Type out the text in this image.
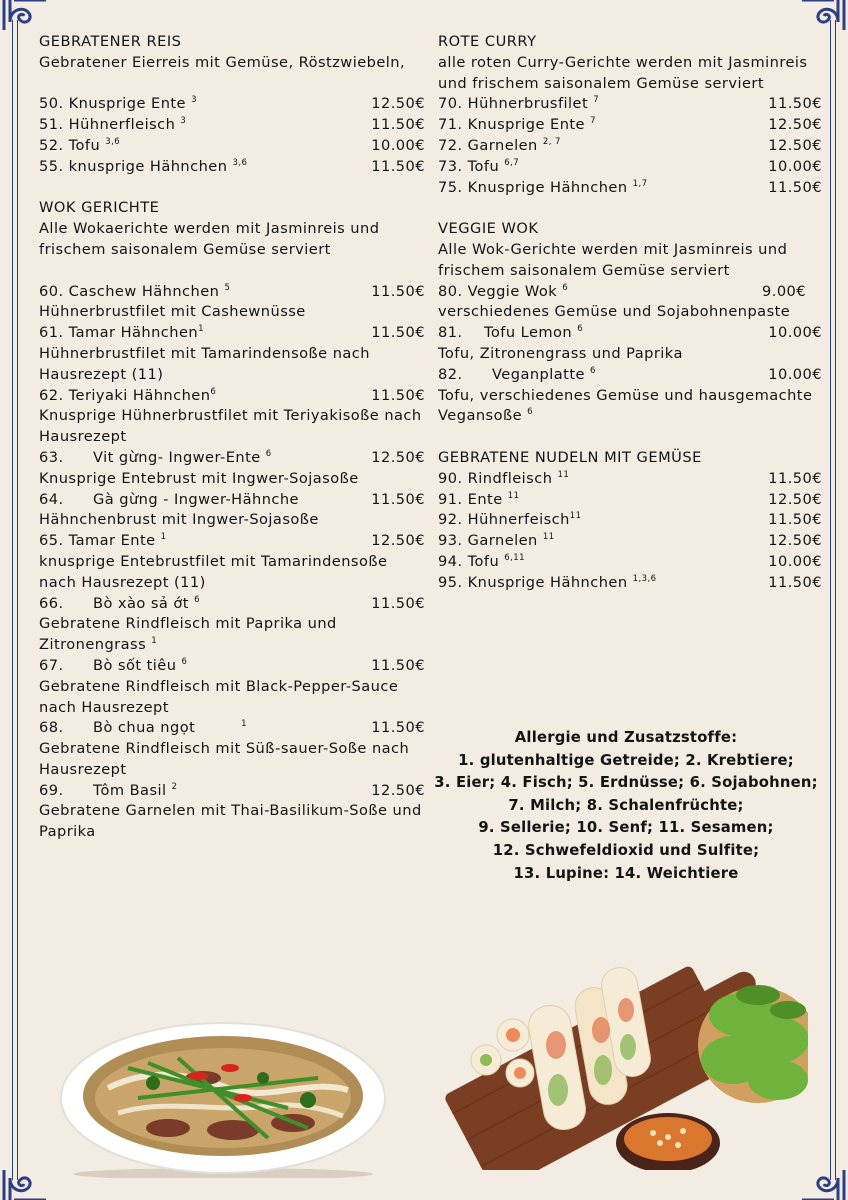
GEBRATENER REIS
Gebratener Eierreis mit Gemüse, Röstzwiebeln,
50. Knusprige Ente $^3$	12.50€
51. Hühnerfleisch $^3$	11.50€
52. Tofu $^{3,6}$	10.00€
55. knusprige Hähnchen $^{3,6}$	11.50€
WOK GERICHTE
Alle Wokaerichte werden mit Jasminreis und frischem saisonalem Gemüse serviert
60. Caschew Hähnchen $^5$	11.50€
Hühnerbrustfilet mit Cashewnüsse
61. Tamar Hähnchen$^1$	11.50€
Hühnerbrustfilet mit Tamarindensoße nach Hausrezept (11)
62. Teriyaki Hähnchen$^6$	11.50€
Knusprige Hühnerbrustfilet mit Teriyakisoße nach Hausrezept
63. Vit gừng- Ingwer-Ente $^6$	12.50€
Knusprige Entebrust mit Ingwer-Sojasoße
64. Gà gừng - Ingwer-Hähnche	11.50€
Hähnchenbrust mit Ingwer-Sojasoße
65. Tamar Ente $^1$	12.50€
knusprige Entebrustfilet mit Tamarindensoße nach Hausrezept (11)
66. Bò xào sả ớt $^6$	11.50€
Gebratene Rindfleisch mit Paprika und Zitronengrass $^1$
67. Bò sốt tiêu $^6$	11.50€
Gebratene Rindfleisch mit Black-Pepper-Sauce nach Hausrezept
68. Bò chua ngọt	$^1$	11.50€
Gebratene Rindfleisch mit Süß-sauer-Soße nach Hausrezept
69. Tôm Basil $^2$	12.50€
Gebratene Garnelen mit Thai-Basilikum-Soße und Paprika
ROTE CURRY
alle roten Curry-Gerichte werden mit Jasminreis und frischem saisonalem Gemüse serviert
70. Hühnerbrusfilet $^7$	11.50€
71. Knusprige Ente $^7$	12.50€
72. Garnelen $^{2, 7}$	12.50€
73. Tofu $^{6,7}$	10.00€
75. Knusprige Hähnchen $^{1,7}$	11.50€
VEGGIE WOK
Alle Wok-Gerichte werden mit Jasminreis und frischem saisonalem Gemüse serviert
80. Veggie Wok $^6$	9.00€
verschiedenes Gemüse und Sojabohnenpaste
81. Tofu Lemon $^6$	10.00€
Tofu, Zitronengrass und Paprika
82. Veganplatte $^6$	10.00€
Tofu, verschiedenes Gemüse und hausgemachte Vegansoße $^6$
GEBRATENE NUDELN MIT GEMÜSE
90. Rindfleisch $^{11}$	11.50€
91. Ente $^{11}$	12.50€
92. Hühnerfeisch$^{11}$	11.50€
93. Garnelen $^{11}$	12.50€
94. Tofu $^{6,11}$	10.00€
95. Knusprige Hähnchen $^{1,3,6}$	11.50€
Allergie und Zusatzstoffe:
1. glutenhaltige Getreide; 2. Krebtiere;
3. Eier; 4. Fisch; 5. Erdnüsse; 6. Sojabohnen;
7. Milch; 8. Schalenfrüchte;
9. Sellerie; 10. Senf; 11. Sesamen;
12. Schwefeldioxid und Sulfite;
13. Lupine: 14. Weichtiere
